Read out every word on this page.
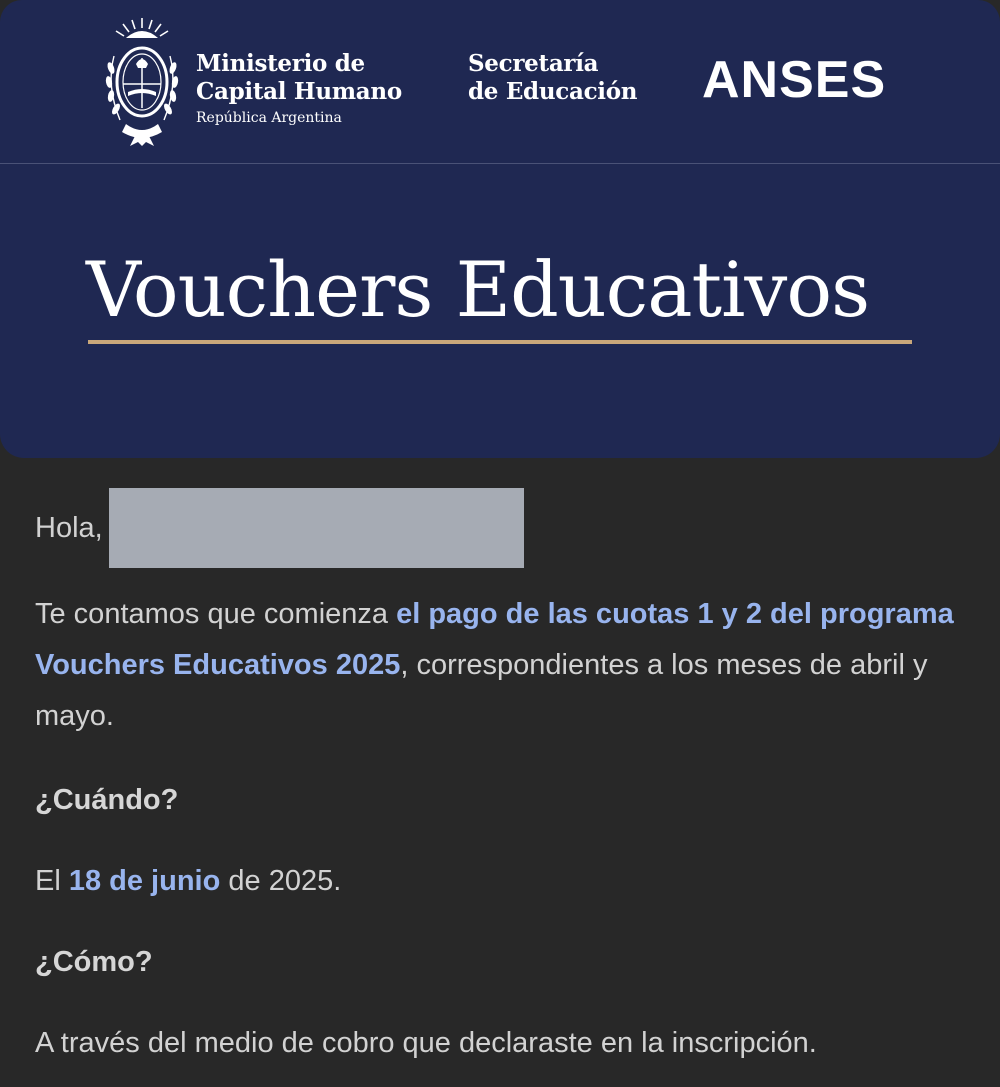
Ministerio de
Capital Humano
República Argentina
Secretaría
de Educación ANSES
Vouchers Educativos
Hola,

Te contamos que comienza el pago de las cuotas 1 y 2 del programa Vouchers Educativos 2025, correspondientes a los meses de abril y mayo.

¿Cuándo?

El 18 de junio de 2025.

¿Cómo?

A través del medio de cobro que declaraste en la inscripción.
